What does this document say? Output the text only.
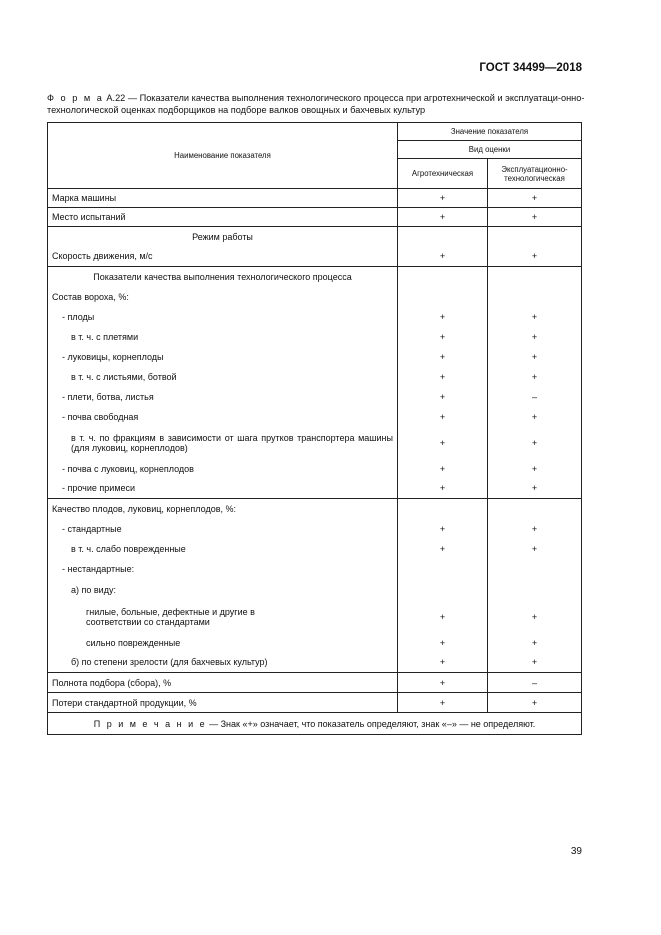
ГОСТ 34499—2018
Ф о р м а А.22 — Показатели качества выполнения технологического процесса при агротехнической и эксплуатаци-онно-технологической оценках подборщиков на подборе валков овощных и бахчевых культур
Наименование показателя	Значение показателя	
	Вид оценки	
	Агротехническая	Эксплуатационно-технологическая
Марка машины	+	+
Место испытаний	+	+
Режим работы		
Скорость движения, м/с	+	+
Показатели качества выполнения технологического процесса		
Состав вороха, %:		
- плоды	+	+
в т. ч. с плетями	+	+
- луковицы, корнеплоды	+	+
в т. ч. с листьями, ботвой	+	+
- плети, ботва, листья	+	–
- почва свободная	+	+
в т. ч. по фракциям в зависимости от шага прутков транспортера машины (для луковиц, корнеплодов)	+	+
- почва с луковиц, корнеплодов	+	+
- прочие примеси	+	+
Качество плодов, луковиц, корнеплодов, %:		
- стандартные	+	+
в т. ч. слабо поврежденные	+	+
- нестандартные:		
а) по виду:		
гнилые, больные, дефектные и другие в соответствии со стандартами	+	+
сильно поврежденные	+	+
б) по степени зрелости (для бахчевых культур)	+	+
Полнота подбора (сбора), %	+	–
Потери стандартной продукции, %	+	+
П р и м е ч а н и е — Знак «+» означает, что показатель определяют, знак «–» — не определяют.		
39
